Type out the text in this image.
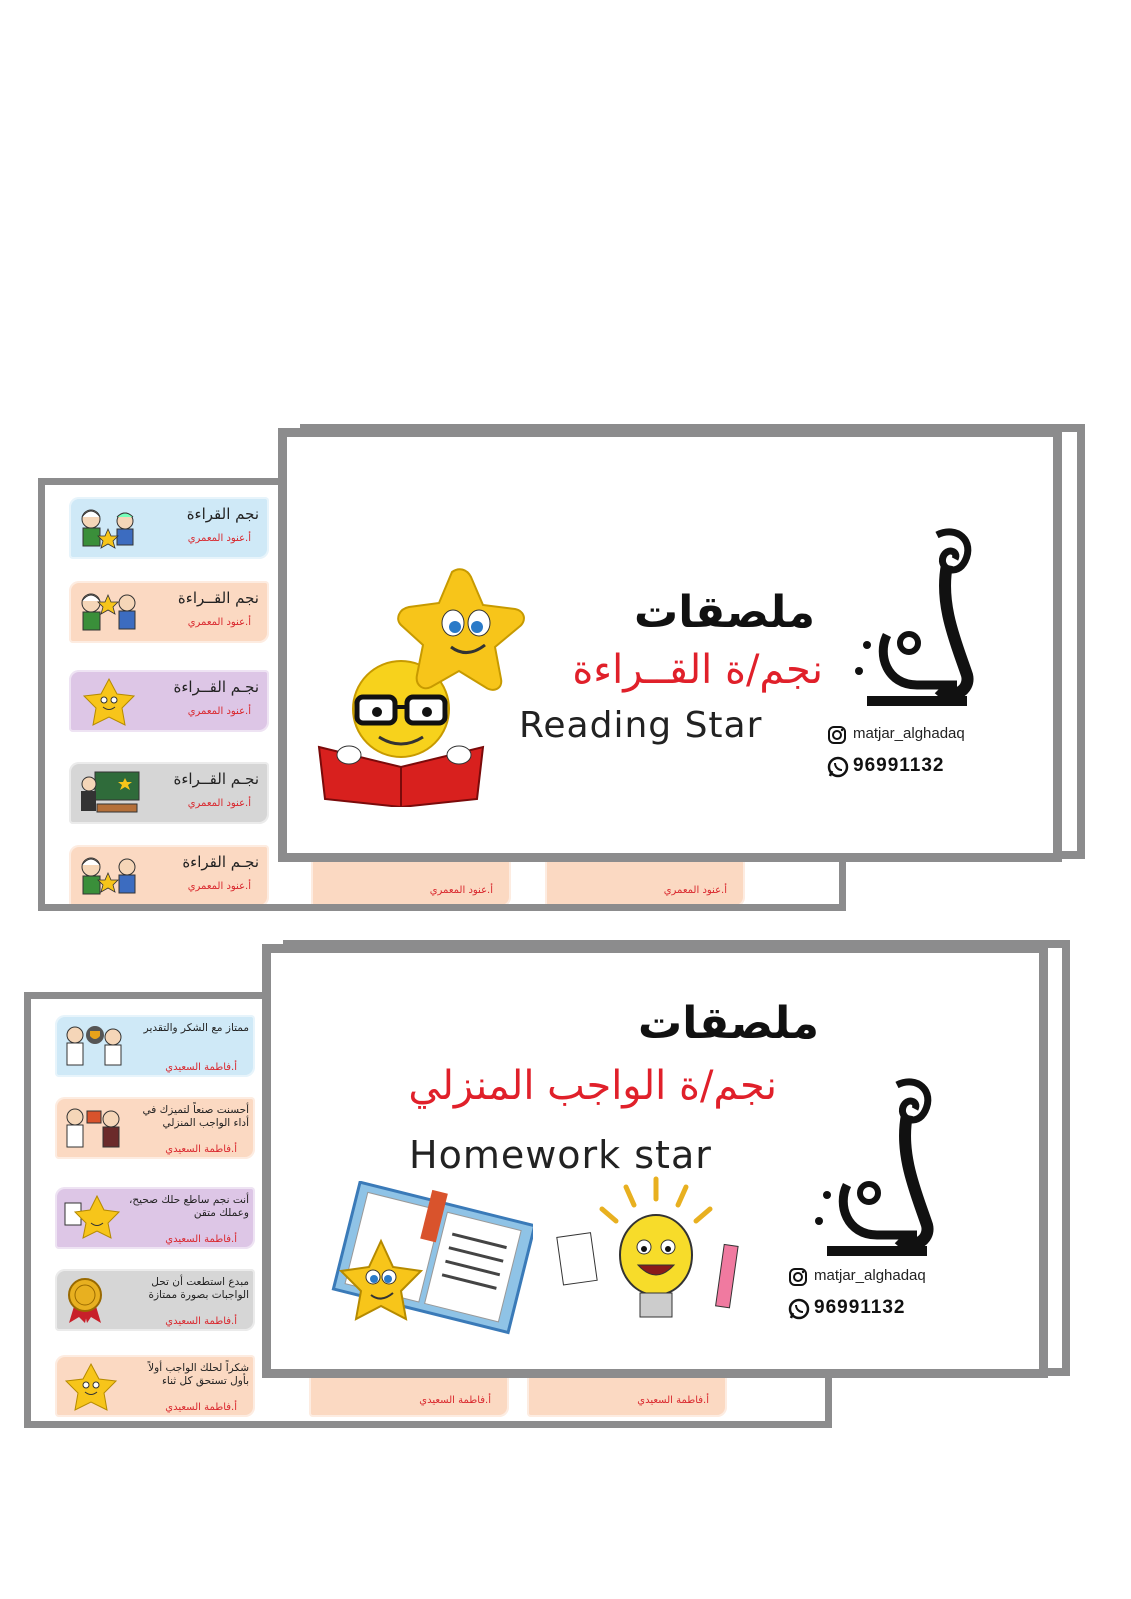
نجم القراءة
أ.عنود المعمري
نجم القــراءة
أ.عنود المعمري
نجـم القــراءة
أ.عنود المعمري
نجـم القــراءة
أ.عنود المعمري
نجـم القراءة
أ.عنود المعمري	أ.عنود المعمري	أ.عنود المعمري
ملصقات
نجم/ة القــراءة
Reading Star	matjar_alghadaq
96991132
ممتاز مع الشكر والتقدير
أ.فاطمة السعيدي
أحسنت صنعاً لتميزك في أداء الواجب المنزلي
أ.فاطمة السعيدي
أنت نجم ساطع حلك صحيح، وعملك متقن
أ.فاطمة السعيدي
مبدع استطعت أن تحل الواجبات بصورة ممتازة
أ.فاطمة السعيدي
شكراً لحلك الواجب أولاً بأول تستحق كل ثناء
أ.فاطمة السعيدي
أ.فاطمة السعيدي	أ.فاطمة السعيدي
ملصقات
نجم/ة الواجب المنزلي
Homework star
matjar_alghadaq
96991132
